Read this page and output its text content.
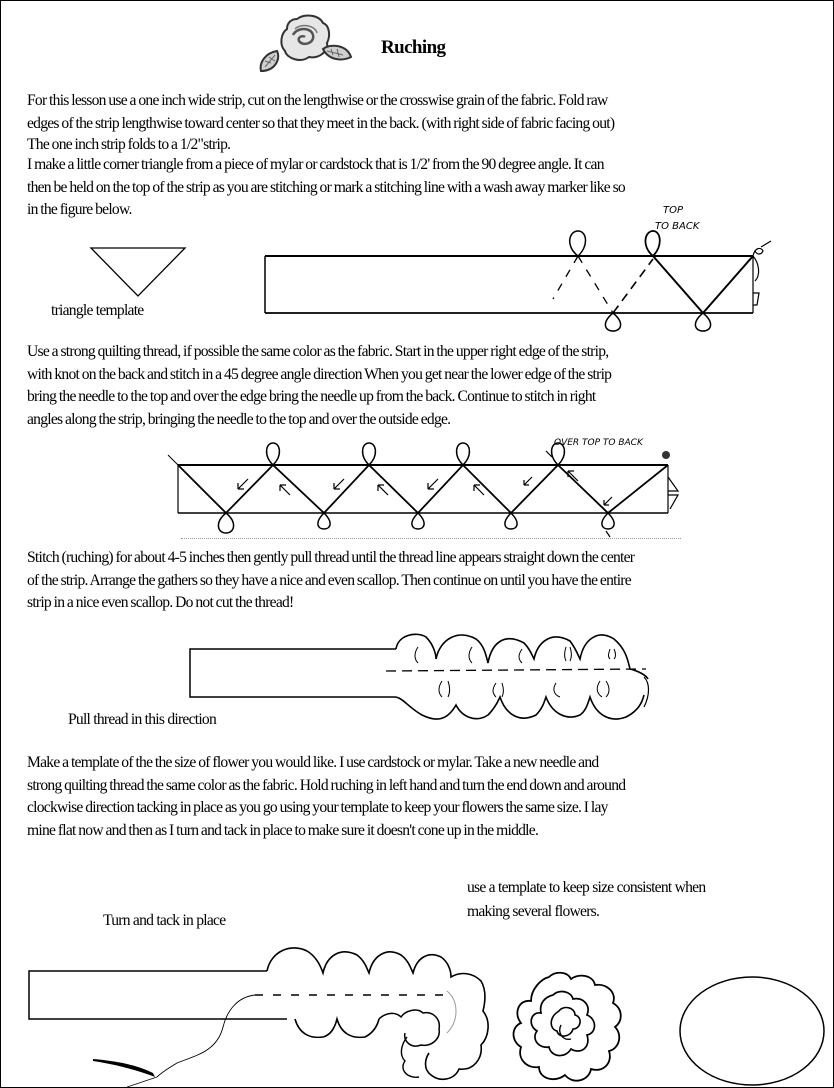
Ruching
For this lesson use a one inch wide strip, cut on the lengthwise or the crosswise grain of the fabric. Fold raw
edges of the strip lengthwise toward center so that they meet in the back. (with right side of fabric facing out)
The one inch strip folds to a 1/2"strip.
I make a little corner triangle from a piece of mylar or cardstock that is 1/2' from the 90 degree angle. It can
then be held on the top of the strip as you are stitching or mark a stitching line with a wash away marker like so
in the figure below.
triangle template
TOP
TO BACK
Use a strong quilting thread, if possible the same color as the fabric. Start in the upper right edge of the strip,
with knot on the back and stitch in a 45 degree angle direction When you get near the lower edge of the strip
bring the needle to the top and over the edge bring the needle up from the back. Continue to stitch in right
angles along the strip, bringing the needle to the top and over the outside edge.
OVER TOP TO BACK
Stitch (ruching) for about 4-5 inches then gently pull thread until the thread line appears straight down the center
of the strip. Arrange the gathers so they have a nice and even scallop. Then continue on until you have the entire
strip in a nice even scallop. Do not cut the thread!
Pull thread in this direction
Make a template of the the size of flower you would like. I use cardstock or mylar. Take a new needle and
strong quilting thread the same color as the fabric. Hold ruching in left hand and turn the end down and around
clockwise direction tacking in place as you go using your template to keep your flowers the same size. I lay
mine flat now and then as I turn and tack in place to make sure it doesn't cone up in the middle.
use a template to keep size consistent when
making several flowers.
Turn and tack in place
